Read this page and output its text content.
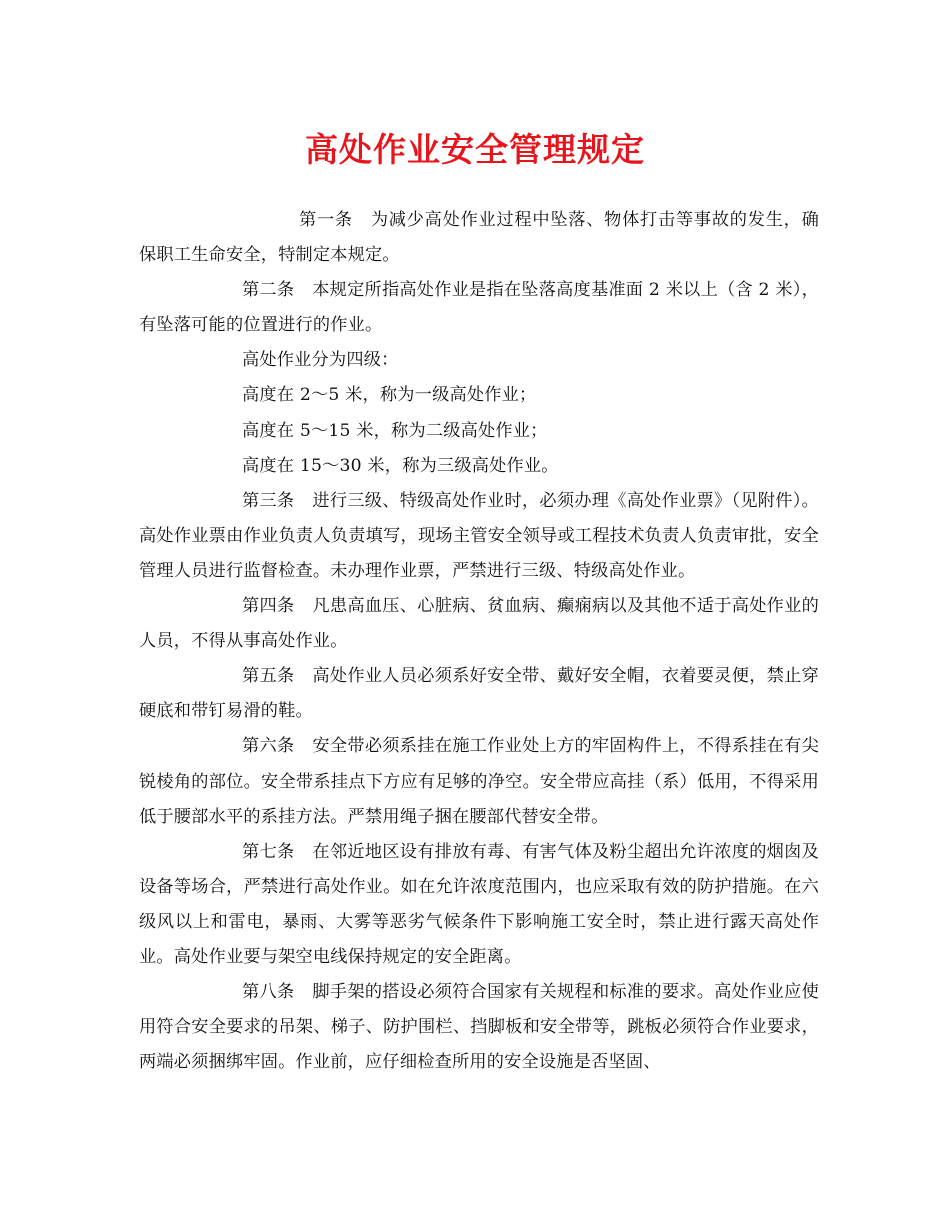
高处作业安全管理规定

第一条 为减少高处作业过程中坠落、物体打击等事故的发生，确保职工生命安全，特制定本规定。

第二条 本规定所指高处作业是指在坠落高度基准面 2 米以上（含 2 米），有坠落可能的位置进行的作业。

高处作业分为四级：

高度在 2～5 米，称为一级高处作业；

高度在 5～15 米，称为二级高处作业；

高度在 15～30 米，称为三级高处作业。

第三条 进行三级、特级高处作业时，必须办理《高处作业票》（见附件）。高处作业票由作业负责人负责填写，现场主管安全领导或工程技术负责人负责审批，安全管理人员进行监督检查。未办理作业票，严禁进行三级、特级高处作业。

第四条 凡患高血压、心脏病、贫血病、癫痫病以及其他不适于高处作业的人员，不得从事高处作业。

第五条 高处作业人员必须系好安全带、戴好安全帽，衣着要灵便，禁止穿硬底和带钉易滑的鞋。

第六条 安全带必须系挂在施工作业处上方的牢固构件上，不得系挂在有尖锐棱角的部位。安全带系挂点下方应有足够的净空。安全带应高挂（系）低用，不得采用低于腰部水平的系挂方法。严禁用绳子捆在腰部代替安全带。

第七条 在邻近地区设有排放有毒、有害气体及粉尘超出允许浓度的烟囱及设备等场合，严禁进行高处作业。如在允许浓度范围内，也应采取有效的防护措施。在六级风以上和雷电，暴雨、大雾等恶劣气候条件下影响施工安全时，禁止进行露天高处作业。高处作业要与架空电线保持规定的安全距离。

第八条 脚手架的搭设必须符合国家有关规程和标准的要求。高处作业应使用符合安全要求的吊架、梯子、防护围栏、挡脚板和安全带等，跳板必须符合作业要求，两端必须捆绑牢固。作业前，应仔细检查所用的安全设施是否坚固、
